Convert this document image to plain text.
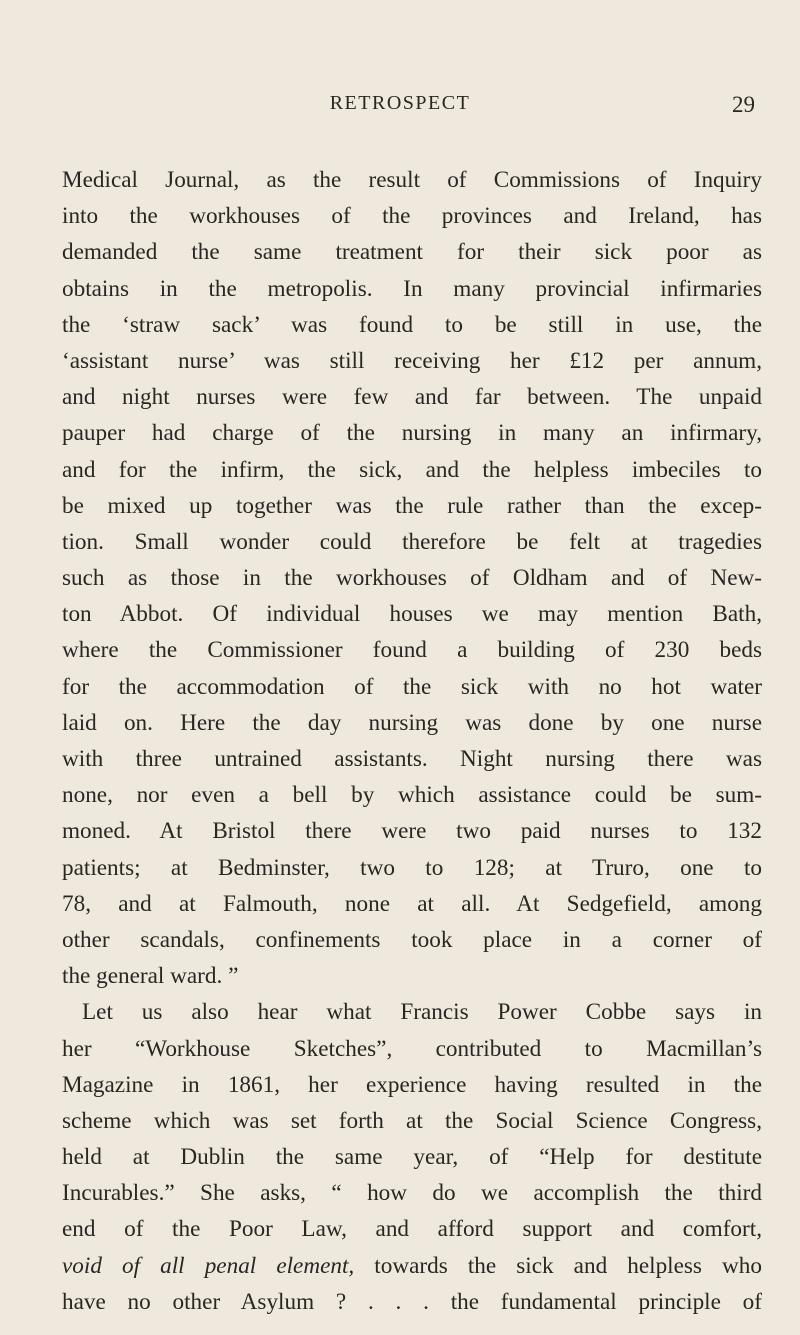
RETROSPECT	29
Medical Journal, as the result of Commissions of Inquiry
into the workhouses of the provinces and Ireland, has
demanded the same treatment for their sick poor as
obtains in the metropolis. In many provincial infirmaries
the ‘straw sack’ was found to be still in use, the
‘assistant nurse’ was still receiving her £12 per annum,
and night nurses were few and far between. The unpaid
pauper had charge of the nursing in many an infirmary,
and for the infirm, the sick, and the helpless imbeciles to
be mixed up together was the rule rather than the excep-
tion. Small wonder could therefore be felt at tragedies
such as those in the workhouses of Oldham and of New-
ton Abbot. Of individual houses we may mention Bath,
where the Commissioner found a building of 230 beds
for the accommodation of the sick with no hot water
laid on. Here the day nursing was done by one nurse
with three untrained assistants. Night nursing there was
none, nor even a bell by which assistance could be sum-
moned. At Bristol there were two paid nurses to 132
patients; at Bedminster, two to 128; at Truro, one to
78, and at Falmouth, none at all. At Sedgefield, among
other scandals, confinements took place in a corner of
the general ward. ”
Let us also hear what Francis Power Cobbe says in
her “Workhouse Sketches”, contributed to Macmillan’s
Magazine in 1861, her experience having resulted in the
scheme which was set forth at the Social Science Congress,
held at Dublin the same year, of “Help for destitute
Incurables.” She asks, “ how do we accomplish the third
end of the Poor Law, and afford support and comfort,
void of all penal element, towards the sick and helpless who
have no other Asylum ? . . . the fundamental principle of
